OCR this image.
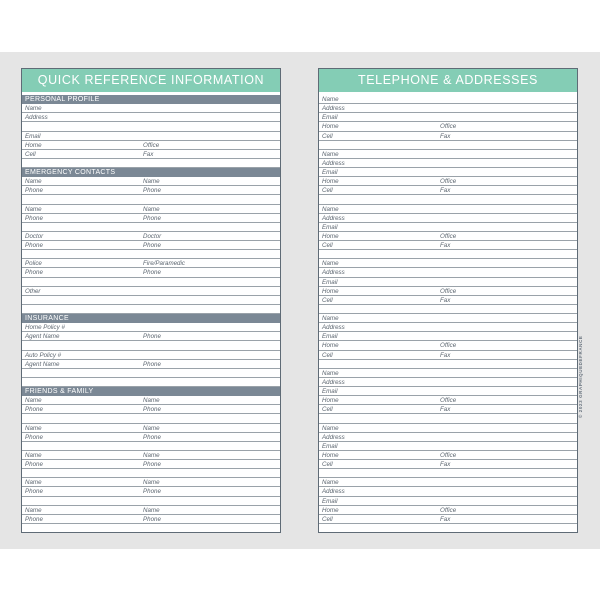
QUICK REFERENCE INFORMATION
PERSONAL PROFILE
Name
Address
Email
Home	Office
Cell	Fax
EMERGENCY CONTACTS
Name	Name
Phone	Phone
Name	Name
Phone	Phone
Doctor	Doctor
Phone	Phone
Police	Fire/Paramedic
Phone	Phone
Other
INSURANCE
Home Policy #
Agent Name	Phone
Auto Policy #
Agent Name	Phone
FRIENDS & FAMILY
Name	Name
Phone	Phone
Name	Name
Phone	Phone
Name	Name
Phone	Phone
Name	Name
Phone	Phone
Name	Name
Phone	Phone
TELEPHONE & ADDRESSES
Name
Address
Email
Home	Office
Cell	Fax
Name
Address
Email
Home	Office
Cell	Fax
Name
Address
Email
Home	Office
Cell	Fax
Name
Address
Email
Home	Office
Cell	Fax
Name
Address
Email
Home	Office
Cell	Fax
Name
Address
Email
Home	Office
Cell	Fax
Name
Address
Email
Home	Office
Cell	Fax
Name
Address
Email
Home	Office
Cell	Fax
© 2023 GRAPHIQUEDEFRANCE
